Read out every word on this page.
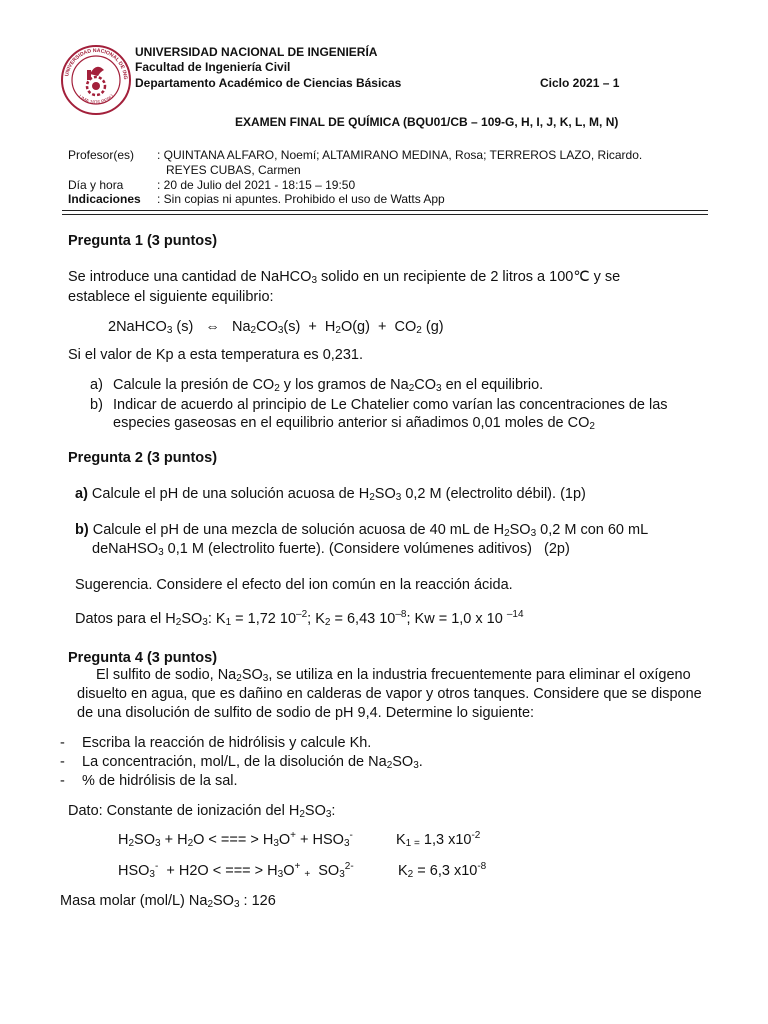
UNIVERSIDAD NACIONAL DE ING
LIMA 1876 PERÚ
UNIVERSIDAD NACIONAL DE INGENIERÍA
Facultad de Ingeniería Civil
Departamento Académico de Ciencias Básicas	Ciclo 2021 – 1
EXAMEN FINAL DE QUÍMICA (BQU01/CB – 109-G, H, I, J, K, L, M, N)
Profesor(es) : QUINTANA ALFARO, Noemí; ALTAMIRANO MEDINA, Rosa; TERREROS LAZO, Ricardo.
REYES CUBAS, Carmen
Día y hora	: 20 de Julio del 2021 - 18:15 – 19:50
Indicaciones : Sin copias ni apuntes. Prohibido el uso de Watts App
Pregunta 1 (3 puntos)
Se introduce una cantidad de NaHCO$_3$ solido en un recipiente de 2 litros a 100℃ y se
establece el siguiente equilibrio:
2NaHCO$_3$ (s)   ⇔   $Na_2CO_3(s) + H_2O(g) + CO_2$ (g)
Si el valor de Kp a esta temperatura es 0,231.
a) Calcule la presión de $CO_2$ y los gramos de $Na_2CO_3$ en el equilibrio.
b) Indicar de acuerdo al principio de Le Chatelier como varían las concentraciones de las
especies gaseosas en el equilibrio anterior si añadimos 0,01 moles de $CO_2$
Pregunta 2 (3 puntos)
a) Calcule el pH de una solución acuosa de $H_2SO_3$ 0,2 M (electrolito débil). (1p)
b) Calcule el pH de una mezcla de solución acuosa de 40 mL de $H_2SO_3$ 0,2 M con 60 mL
deNaHSO$_3$ 0,1 M (electrolito fuerte). (Considere volúmenes aditivos)   (2p)
Sugerencia. Considere el efecto del ion común en la reacción ácida.
Datos para el $H_2SO_3$: $K_1 = 1,72$ $10^{-2}$; $K_2 = 6,43$ $10^{-8}$; Kw = 1,0 x 10 $^{-14}$
Pregunta 4 (3 puntos)
El sulfito de sodio, $Na_2SO_3$, se utiliza en la industria frecuentemente para eliminar el oxígeno
disuelto en agua, que es dañino en calderas de vapor y otros tanques. Considere que se dispone
de una disolución de sulfito de sodio de pH 9,4. Determine lo siguiente:
- Escriba la reacción de hidrólisis y calcule Kh.
- La concentración, mol/L, de la disolución de $Na_2SO_3$.
- % de hidrólisis de la sal.
Dato: Constante de ionización del $H_2SO_3$:
$H_2SO_3 + H_2O$ < === > $H_3O^+ + HSO_3^-$	$K_{1 =}$ 1,3 $x10^{-2}$
$HSO_3^- + H2O$ < === > $H_3O^+$ $_+$  $SO_3^{2-}$	$K_2 = 6,3$ $x10^{-8}$
Masa molar (mol/L) $Na_2SO_3$ : 126
